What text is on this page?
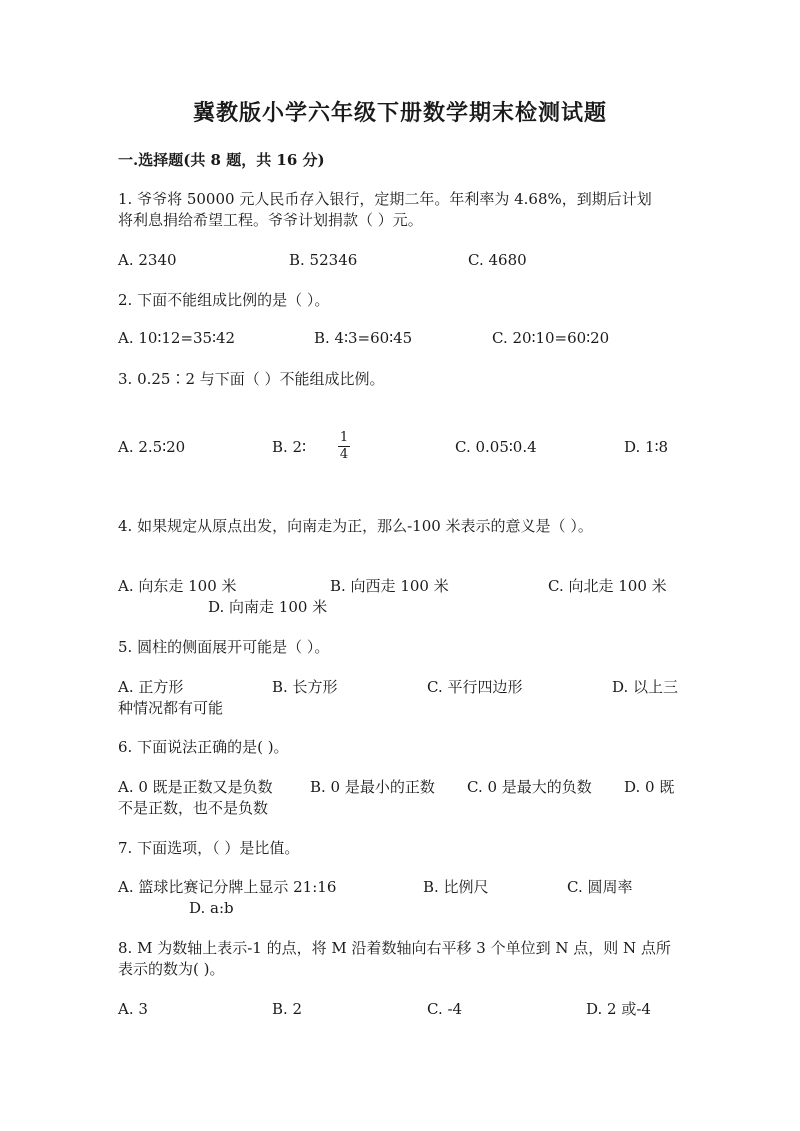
冀教版小学六年级下册数学期末检测试题
一.选择题(共 8 题，共 16 分)
1. 爷爷将 50000 元人民币存入银行，定期二年。年利率为 4.68%，到期后计划
将利息捐给希望工程。爷爷计划捐款（ ）元。
A. 2340	B. 52346	C. 4680
2. 下面不能组成比例的是（ ）。
A. 10∶12=35∶42	B. 4∶3=60∶45	C. 20∶10=60∶20
3. 0.25∶2 与下面（ ）不能组成比例。
A. 2.5∶20	B. 2∶
1
4	C. 0.05∶0.4	D. 1∶8
4. 如果规定从原点出发，向南走为正，那么-100 米表示的意义是（ ）。
A. 向东走 100 米	B. 向西走 100 米	C. 向北走 100 米
D. 向南走 100 米
5. 圆柱的侧面展开可能是（ ）。
A. 正方形	B. 长方形	C. 平行四边形	D. 以上三
种情况都有可能
6. 下面说法正确的是( )。
A. 0 既是正数又是负数 B. 0 是最小的正数 C. 0 是最大的负数 D. 0 既
不是正数，也不是负数
7. 下面选项，（ ）是比值。
A. 篮球比赛记分牌上显示 21:16	B. 比例尺	C. 圆周率
D. a:b
8. M 为数轴上表示-1 的点，将 M 沿着数轴向右平移 3 个单位到 N 点，则 N 点所
表示的数为( )。
A. 3	B. 2	C. -4	D. 2 或-4
